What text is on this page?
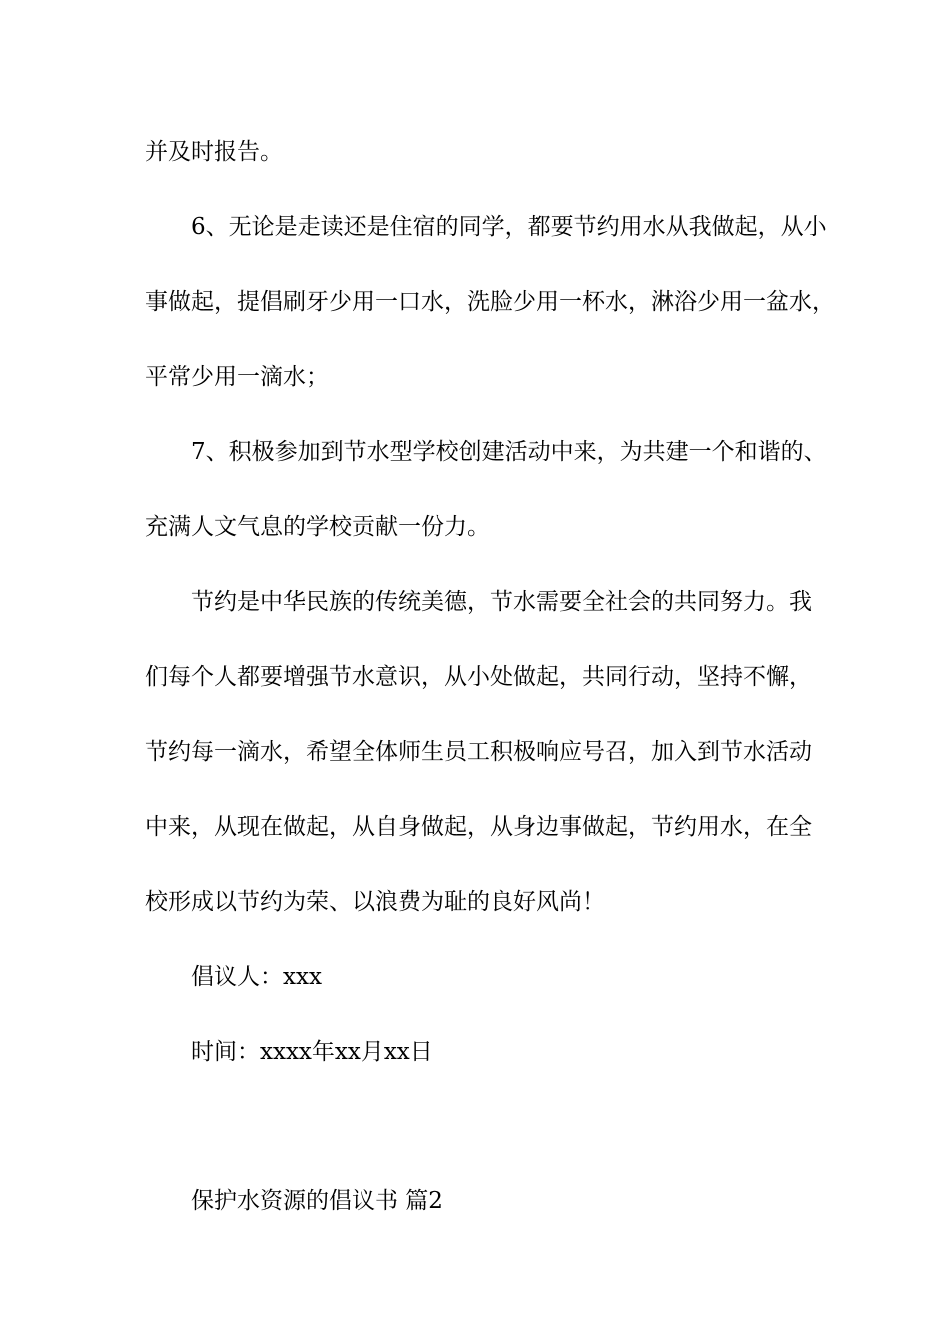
并及时报告。

6、无论是走读还是住宿的同学，都要节约用水从我做起，从小

事做起，提倡刷牙少用一口水，洗脸少用一杯水，淋浴少用一盆水，

平常少用一滴水；

7、积极参加到节水型学校创建活动中来，为共建一个和谐的、

充满人文气息的学校贡献一份力。

节约是中华民族的传统美德，节水需要全社会的共同努力。我

们每个人都要增强节水意识，从小处做起，共同行动，坚持不懈，

节约每一滴水，希望全体师生员工积极响应号召，加入到节水活动

中来，从现在做起，从自身做起，从身边事做起，节约用水，在全

校形成以节约为荣、以浪费为耻的良好风尚！

倡议人：xxx

时间：xxxx年xx月xx日

保护水资源的倡议书 篇2
